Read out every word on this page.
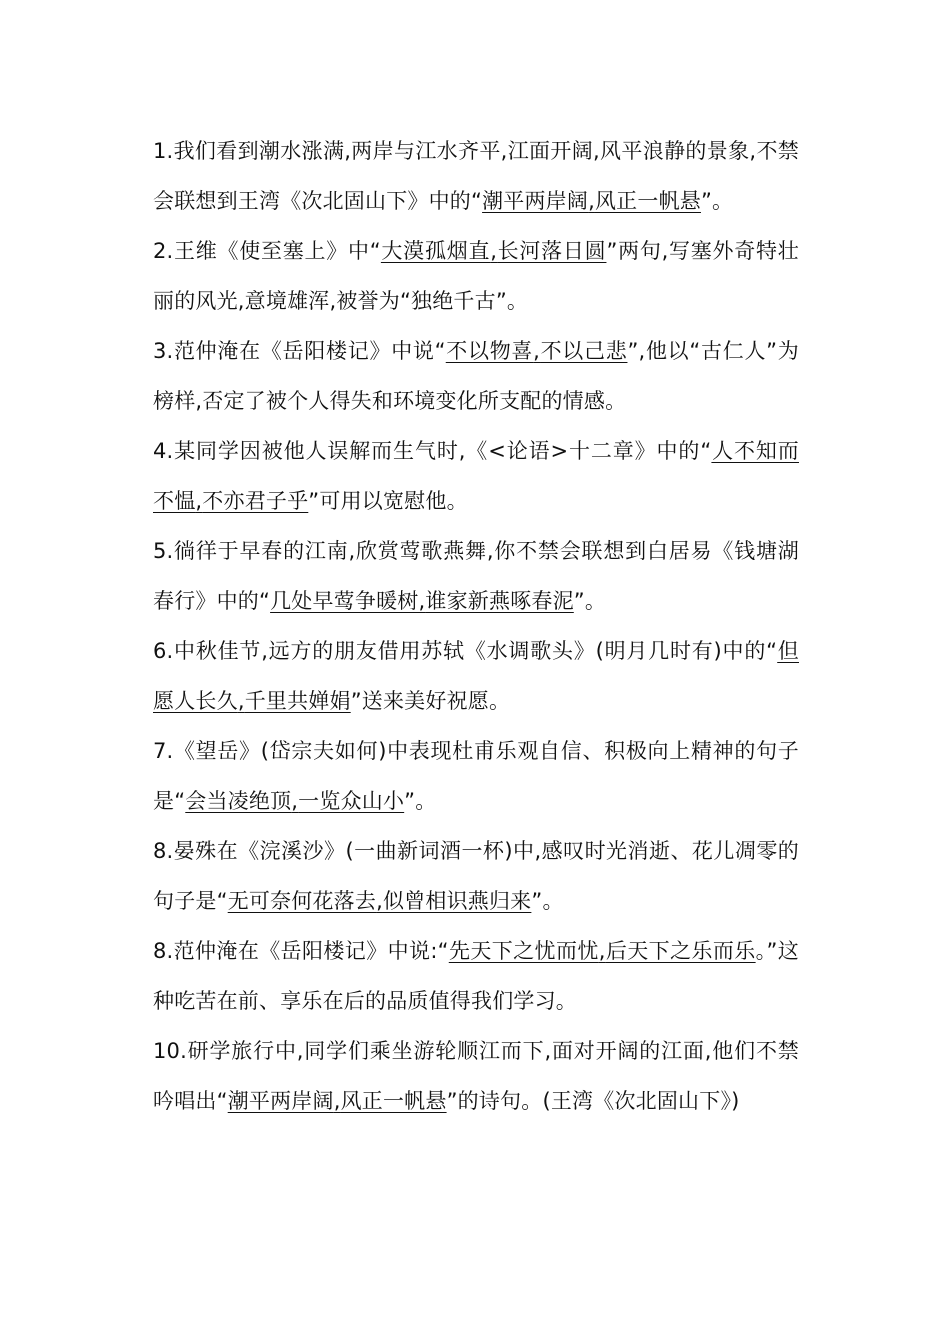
1.我们看到潮水涨满,两岸与江水齐平,江面开阔,风平浪静的景象,不禁会联想到王湾《次北固山下》中的“潮平两岸阔,风正一帆悬”。

2.王维《使至塞上》中“大漠孤烟直,长河落日圆”两句,写塞外奇特壮丽的风光,意境雄浑,被誉为“独绝千古”。

3.范仲淹在《岳阳楼记》中说“不以物喜,不以己悲”,他以“古仁人”为榜样,否定了被个人得失和环境变化所支配的情感。

4.某同学因被他人误解而生气时,《<论语>十二章》中的“人不知而不愠,不亦君子乎”可用以宽慰他。

5.徜徉于早春的江南,欣赏莺歌燕舞,你不禁会联想到白居易《钱塘湖春行》中的“几处早莺争暖树,谁家新燕啄春泥”。

6.中秋佳节,远方的朋友借用苏轼《水调歌头》(明月几时有)中的“但愿人长久,千里共婵娟”送来美好祝愿。

7.《望岳》(岱宗夫如何)中表现杜甫乐观自信、积极向上精神的句子是“会当凌绝顶,一览众山小”。

8.晏殊在《浣溪沙》(一曲新词酒一杯)中,感叹时光消逝、花儿凋零的句子是“无可奈何花落去,似曾相识燕归来”。

8.范仲淹在《岳阳楼记》中说:“先天下之忧而忧,后天下之乐而乐。”这种吃苦在前、享乐在后的品质值得我们学习。

10.研学旅行中,同学们乘坐游轮顺江而下,面对开阔的江面,他们不禁吟唱出“潮平两岸阔,风正一帆悬”的诗句。(王湾《次北固山下》)
